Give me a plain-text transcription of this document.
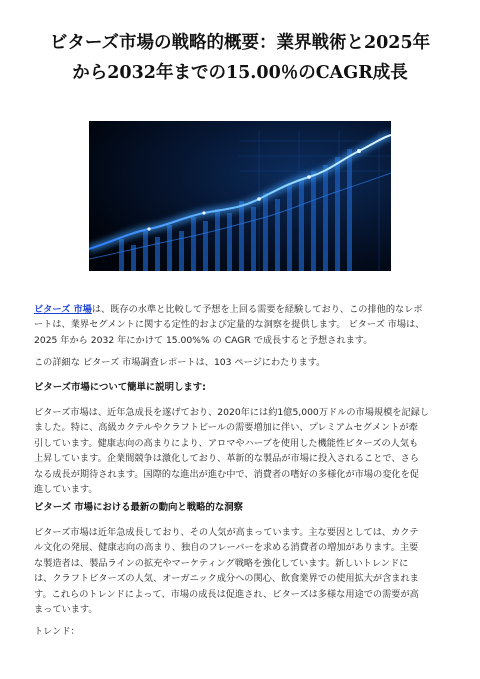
ビターズ市場の戦略的概要：業界戦術と2025年
から2032年までの15.00％のCAGR成長

ビターズ 市場は、既存の水準と比較して予想を上回る需要を経験しており、この排他的なレポ
ートは、業界セグメントに関する定性的および定量的な洞察を提供します。 ビターズ 市場は、
2025 年から 2032 年にかけて 15.00%% の CAGR で成長すると予想されます。

この詳細な ビターズ 市場調査レポートは、103 ページにわたります。

ビターズ市場について簡単に説明します:

ビターズ市場は、近年急成長を遂げており、2020年には約1億5,000万ドルの市場規模を記録し
ました。特に、高級カクテルやクラフトビールの需要増加に伴い、プレミアムセグメントが牽
引しています。健康志向の高まりにより、アロマやハーブを使用した機能性ビターズの人気も
上昇しています。企業間競争は激化しており、革新的な製品が市場に投入されることで、さら
なる成長が期待されます。国際的な進出が進む中で、消費者の嗜好の多様化が市場の変化を促
進しています。

ビターズ 市場における最新の動向と戦略的な洞察

ビターズ市場は近年急成長しており、その人気が高まっています。主な要因としては、カクテ
ル文化の発展、健康志向の高まり、独自のフレーバーを求める消費者の増加があります。主要
な製造者は、製品ラインの拡充やマーケティング戦略を強化しています。新しいトレンドに
は、クラフトビターズの人気、オーガニック成分への関心、飲食業界での使用拡大が含まれま
す。これらのトレンドによって、市場の成長は促進され、ビターズは多様な用途での需要が高
まっています。

トレンド：
